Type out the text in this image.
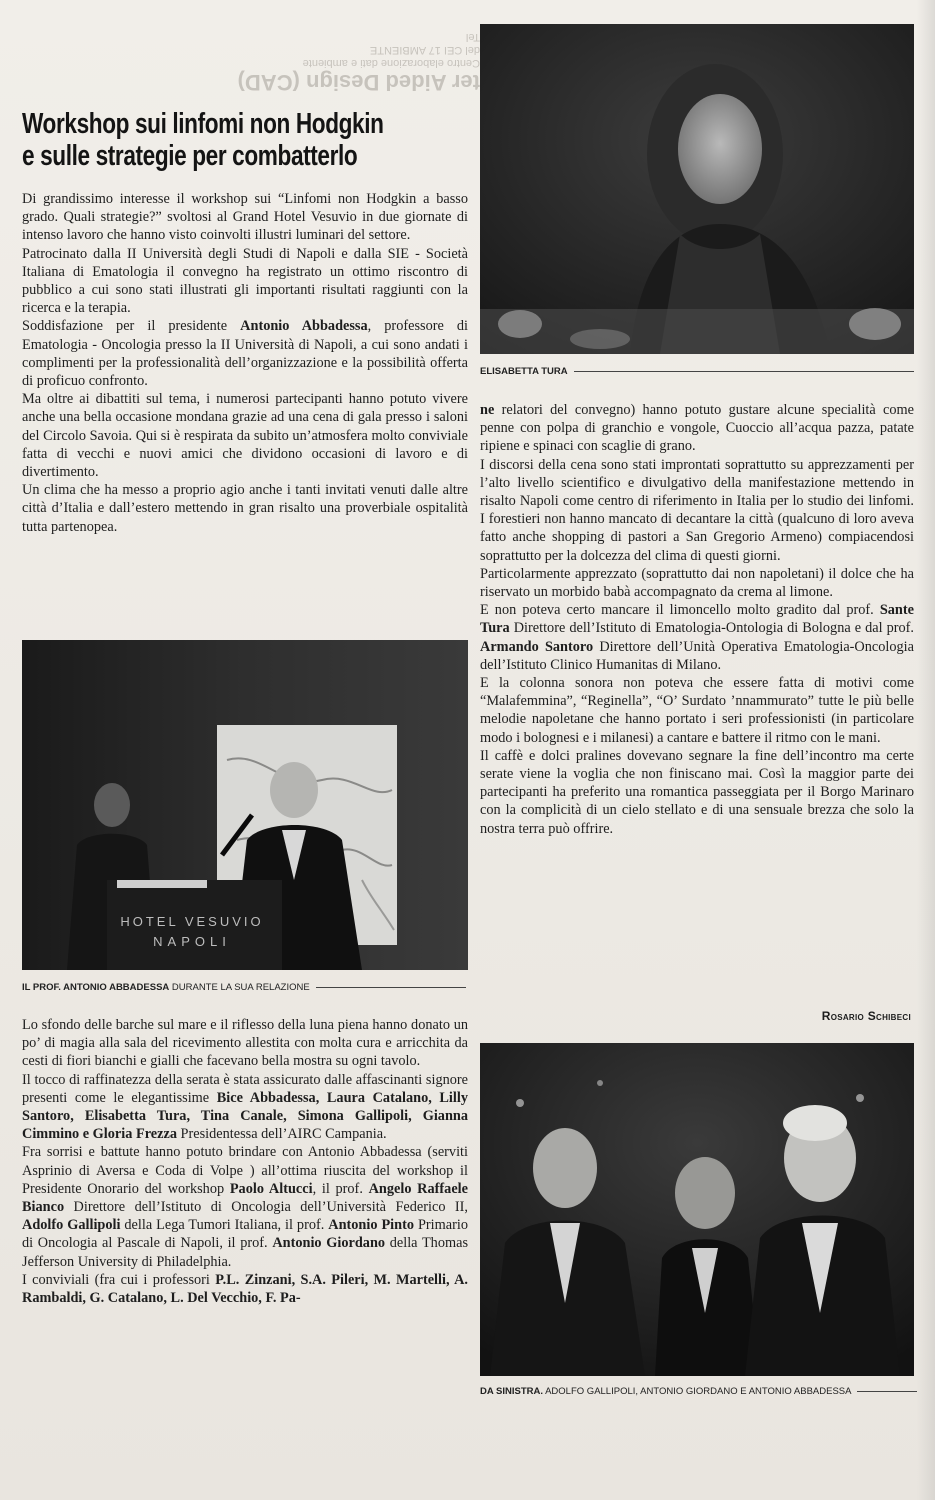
ter Aided Design (CAD)
Centro elaborazione dati e ambiente
del CEI 17 AMBIENTE
Tel
Workshop sui linfomi non Hodgkin
e sulle strategie per combatterlo

Di grandissimo interesse il workshop sui “Linfomi non Hodgkin a basso grado. Quali strategie?” svoltosi al Grand Hotel Vesuvio in due giornate di intenso lavoro che hanno visto coinvolti illustri luminari del settore.

Patrocinato dalla II Università degli Studi di Napoli e dalla SIE - Società Italiana di Ematologia il convegno ha registrato un ottimo riscontro di pubblico a cui sono stati illustrati gli importanti risultati raggiunti con la ricerca e la terapia.

Soddisfazione per il presidente Antonio Abbadessa, professore di Ematologia - Oncologia presso la II Università di Napoli, a cui sono andati i complimenti per la professionalità dell’organizzazione e la possibilità offerta di proficuo confronto.

Ma oltre ai dibattiti sul tema, i numerosi partecipanti hanno potuto vivere anche una bella occasione mondana grazie ad una cena di gala presso i saloni del Circolo Savoia. Qui si è respirata da subito un’atmosfera molto conviviale fatta di vecchi e nuovi amici che dividono occasioni di lavoro e di divertimento.

Un clima che ha messo a proprio agio anche i tanti invitati venuti dalle altre città d’Italia e dall’estero mettendo in gran risalto una proverbiale ospitalità tutta partenopea.

ELISABETTA TURA

ne relatori del convegno) hanno potuto gustare alcune specialità come penne con polpa di granchio e vongole, Cuoccio all’acqua pazza, patate ripiene e spinaci con scaglie di grano.

I discorsi della cena sono stati improntati soprattutto su apprezzamenti per l’alto livello scientifico e divulgativo della manifestazione mettendo in risalto Napoli come centro di riferimento in Italia per lo studio dei linfomi. I forestieri non hanno mancato di decantare la città (qualcuno di loro aveva fatto anche shopping di pastori a San Gregorio Armeno) compiacendosi soprattutto per la dolcezza del clima di questi giorni.

Particolarmente apprezzato (soprattutto dai non napoletani) il dolce che ha riservato un morbido babà accompagnato da crema al limone.

E non poteva certo mancare il limoncello molto gradito dal prof. Sante Tura Direttore dell’Istituto di Ematologia-Ontologia di Bologna e dal prof. Armando Santoro Direttore dell’Unità Operativa Ematologia-Oncologia dell’Istituto Clinico Humanitas di Milano.

E la colonna sonora non poteva che essere fatta di motivi come “Malafemmina”, “Reginella”, “O’ Surdato ’nnammurato” tutte le più belle melodie napoletane che hanno portato i seri professionisti (in particolare modo i bolognesi e i milanesi) a cantare e battere il ritmo con le mani.

Il caffè e dolci pralines dovevano segnare la fine dell’incontro ma certe serate viene la voglia che non finiscano mai. Così la maggior parte dei partecipanti ha preferito una romantica passeggiata per il Borgo Marinaro con la complicità di un cielo stellato e di una sensuale brezza che solo la nostra terra può offrire.

Rosario Schibeci
HOTEL VESUVIO
NAPOLI
IL PROF. ANTONIO ABBADESSA DURANTE LA SUA RELAZIONE

Lo sfondo delle barche sul mare e il riflesso della luna piena hanno donato un po’ di magia alla sala del ricevimento allestita con molta cura e arricchita da cesti di fiori bianchi e gialli che facevano bella mostra su ogni tavolo.

Il tocco di raffinatezza della serata è stata assicurato dalle affascinanti signore presenti come le elegantissime Bice Abbadessa, Laura Catalano, Lilly Santoro, Elisabetta Tura, Tina Canale, Simona Gallipoli, Gianna Cimmino e Gloria Frezza Presidentessa dell’AIRC Campania.

Fra sorrisi e battute hanno potuto brindare con Antonio Abbadessa (serviti Asprinio di Aversa e Coda di Volpe ) all’ottima riuscita del workshop il Presidente Onorario del workshop Paolo Altucci, il prof. Angelo Raffaele Bianco Direttore dell’Istituto di Oncologia dell’Università Federico II, Adolfo Gallipoli della Lega Tumori Italiana, il prof. Antonio Pinto Primario di Oncologia al Pascale di Napoli, il prof. Antonio Giordano della Thomas Jefferson University di Philadelphia.

I conviviali (fra cui i professori P.L. Zinzani, S.A. Pileri, M. Martelli, A. Rambaldi, G. Catalano, L. Del Vecchio, F. Pa-

DA SINISTRA. ADOLFO GALLIPOLI, ANTONIO GIORDANO E ANTONIO ABBADESSA
